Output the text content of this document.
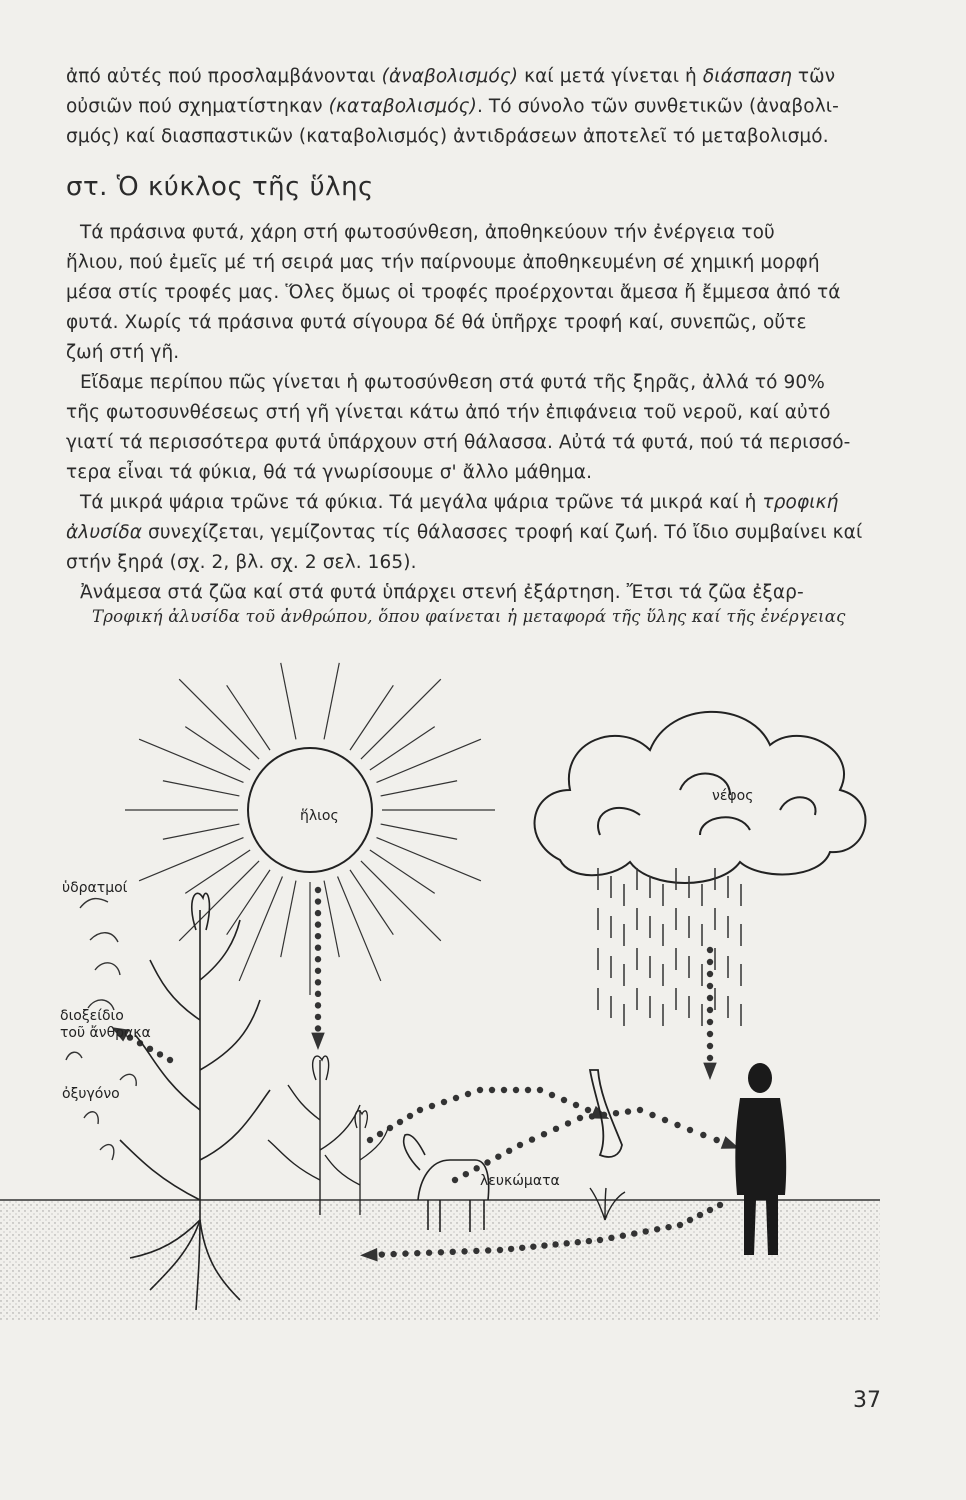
ἀπό αὐτές πού προσλαμβάνονται (ἀναβολισμός) καί μετά γίνεται ἡ διάσπαση τῶν
οὐσιῶν πού σχηματίστηκαν (καταβολισμός). Τό σύνολο τῶν συνθετικῶν (ἀναβολι-
σμός) καί διασπαστικῶν (καταβολισμός) ἀντιδράσεων ἀποτελεῖ τό μεταβολισμό.
στ. Ὁ κύκλος τῆς ὕλης
Τά πράσινα φυτά, χάρη στή φωτοσύνθεση, ἀποθηκεύουν τήν ἐνέργεια τοῦ
ἥλιου, πού ἐμεῖς μέ τή σειρά μας τήν παίρνουμε ἀποθηκευμένη σέ χημική μορφή
μέσα στίς τροφές μας. Ὅλες ὅμως οἱ τροφές προέρχονται ἄμεσα ἤ ἔμμεσα ἀπό τά
φυτά. Χωρίς τά πράσινα φυτά σίγουρα δέ θά ὑπῆρχε τροφή καί, συνεπῶς, οὔτε
ζωή στή γῆ.
Εἴδαμε περίπου πῶς γίνεται ἡ φωτοσύνθεση στά φυτά τῆς ξηρᾶς, ἀλλά τό 90%
τῆς φωτοσυνθέσεως στή γῆ γίνεται κάτω ἀπό τήν ἐπιφάνεια τοῦ νεροῦ, καί αὐτό
γιατί τά περισσότερα φυτά ὑπάρχουν στή θάλασσα. Αὐτά τά φυτά, πού τά περισσό-
τερα εἶναι τά φύκια, θά τά γνωρίσουμε σ' ἄλλο μάθημα.
Τά μικρά ψάρια τρῶνε τά φύκια. Τά μεγάλα ψάρια τρῶνε τά μικρά καί ἡ τροφική
ἀλυσίδα συνεχίζεται, γεμίζοντας τίς θάλασσες τροφή καί ζωή. Τό ἴδιο συμβαίνει καί
στήν ξηρά (σχ. 2, βλ. σχ. 2 σελ. 165).
Ἀνάμεσα στά ζῶα καί στά φυτά ὑπάρχει στενή ἐξάρτηση. Ἔτσι τά ζῶα ἐξαρ-
Τροφική ἀλυσίδα τοῦ ἀνθρώπου, ὅπου φαίνεται ἡ μεταφορά τῆς ὕλης καί τῆς ἐνέργειας
ἥλιος
νέφος
ὑδρατμοί
διοξείδιο
τοῦ ἄνθρακα
ὀξυγόνο
λευκώματα
37
